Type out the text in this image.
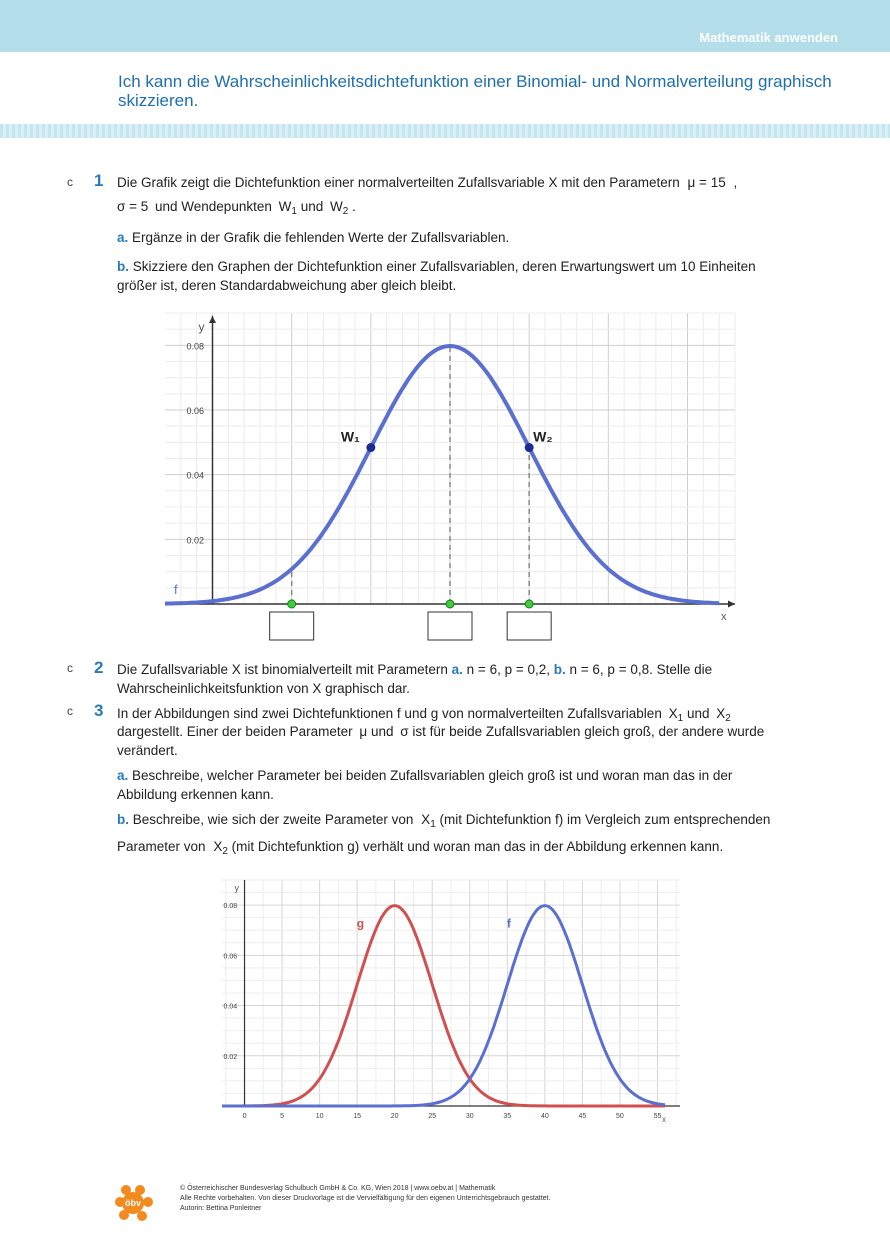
Mathematik anwenden
Ich kann die Wahrscheinlichkeitsdichtefunktion einer Binomial- und Normalverteilung graphisch skizzieren.
c 1 Die Grafik zeigt die Dichtefunktion einer normalverteilten Zufallsvariable X mit den Parametern μ = 15 ,
σ = 5 und Wendepunkten $W_1$ und $W_2$ .
a. Ergänze in der Grafik die fehlenden Werte der Zufallsvariablen.
b. Skizziere den Graphen der Dichtefunktion einer Zufallsvariablen, deren Erwartungswert um 10 Einheiten größer ist, deren Standardabweichung aber gleich bleibt.
y
x
0.02
0.04
0.06
0.08
f
W₁	W₂
c 2 Die Zufallsvariable X ist binomialverteilt mit Parametern a. n = 6, p = 0,2, b. n = 6, p = 0,8. Stelle die Wahrscheinlichkeitsfunktion von X graphisch dar.
c 3 In der Abbildungen sind zwei Dichtefunktionen f und g von normalverteilten Zufallsvariablen $X_1$ und $X_2$
dargestellt. Einer der beiden Parameter μ und σ ist für beide Zufallsvariablen gleich groß, der andere wurde verändert.
a. Beschreibe, welcher Parameter bei beiden Zufallsvariablen gleich groß ist und woran man das in der Abbildung erkennen kann.
b. Beschreibe, wie sich der zweite Parameter von $X_1$ (mit Dichtefunktion f) im Vergleich zum entsprechenden Parameter von $X_2$ (mit Dichtefunktion g) verhält und woran man das in der Abbildung erkennen kann.
y
x
0.02
0.04
0.06
0.08
0	5	10	15	20	25	30	35	40	45	50	55
g	f
öbv
© Österreichischer Bundesverlag Schulbuch GmbH & Co. KG, Wien 2018 | www.oebv.at | Mathematik
Alle Rechte vorbehalten. Von dieser Druckvorlage ist die Vervielfältigung für den eigenen Unterrichtsgebrauch gestattet.
Autorin: Bettina Ponleitner
